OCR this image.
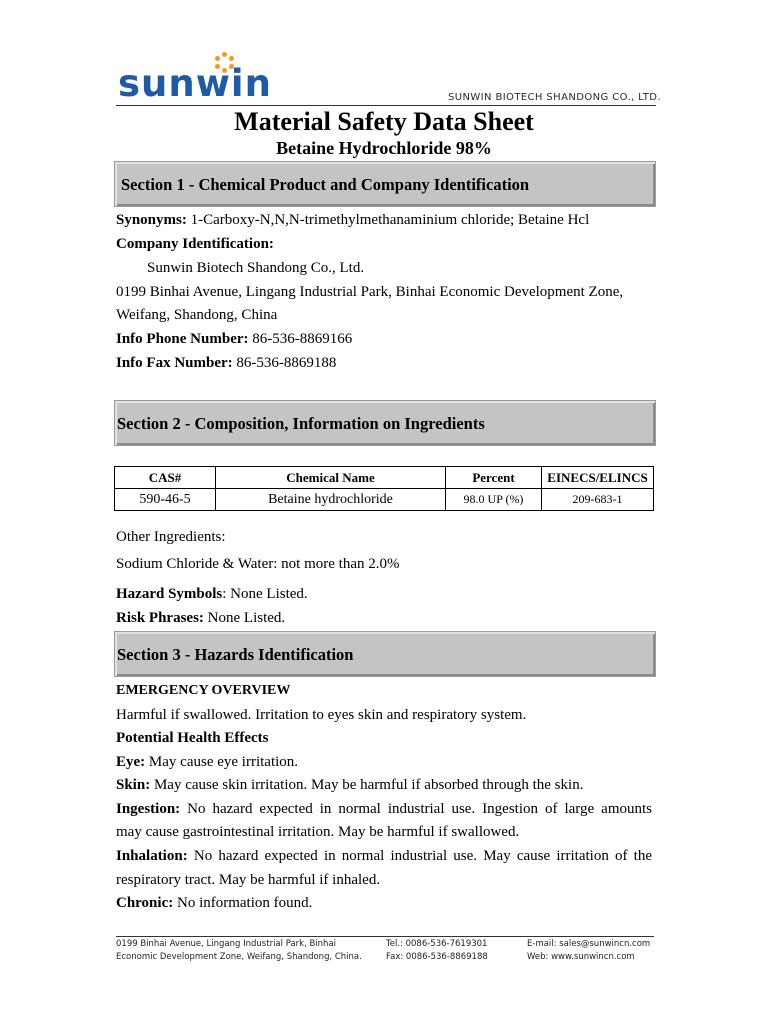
sunwin	SUNWIN BIOTECH SHANDONG CO., LTD.
Material Safety Data Sheet
Betaine Hydrochloride 98%
Section 1 - Chemical Product and Company Identification
Synonyms: 1-Carboxy-N,N,N-trimethylmethanaminium chloride; Betaine Hcl
Company Identification:
Sunwin Biotech Shandong Co., Ltd.
0199 Binhai Avenue, Lingang Industrial Park, Binhai Economic Development Zone,
Weifang, Shandong, China
Info Phone Number: 86-536-8869166
Info Fax Number: 86-536-8869188
Section 2 - Composition, Information on Ingredients
CAS#	Chemical Name	Percent	EINECS/ELINCS
590-46-5	Betaine hydrochloride	98.0 UP (%)	209-683-1
Other Ingredients:
Sodium Chloride & Water: not more than 2.0%
Hazard Symbols: None Listed.
Risk Phrases: None Listed.
Section 3 - Hazards Identification
EMERGENCY OVERVIEW
Harmful if swallowed. Irritation to eyes skin and respiratory system.
Potential Health Effects
Eye: May cause eye irritation.
Skin: May cause skin irritation. May be harmful if absorbed through the skin.
Ingestion: No hazard expected in normal industrial use. Ingestion of large amounts
may cause gastrointestinal irritation. May be harmful if swallowed.
Inhalation: No hazard expected in normal industrial use. May cause irritation of the
respiratory tract. May be harmful if inhaled.
Chronic: No information found.
0199 Binhai Avenue, Lingang Industrial Park, Binhai
Economic Development Zone, Weifang, Shandong, China.
Tel.: 0086-536-7619301
Fax: 0086-536-8869188
E-mail: sales@sunwincn.com
Web: www.sunwincn.com
